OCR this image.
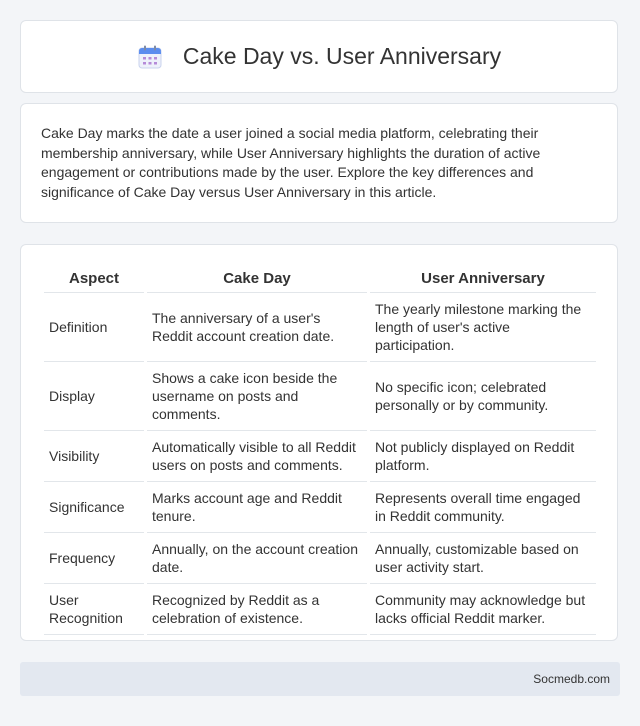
Cake Day vs. User Anniversary

Cake Day marks the date a user joined a social media platform, celebrating their membership anniversary, while User Anniversary highlights the duration of active engagement or contributions made by the user. Explore the key differences and significance of Cake Day versus User Anniversary in this article.

Aspect	Cake Day	User Anniversary
Definition	The anniversary of a user's Reddit account creation date.	The yearly milestone marking the length of user's active participation.
Display	Shows a cake icon beside the username on posts and comments.	No specific icon; celebrated personally or by community.
Visibility	Automatically visible to all Reddit users on posts and comments.	Not publicly displayed on Reddit platform.
Significance	Marks account age and Reddit tenure.	Represents overall time engaged in Reddit community.
Frequency	Annually, on the account creation date.	Annually, customizable based on user activity start.
User Recognition	Recognized by Reddit as a celebration of existence.	Community may acknowledge but lacks official Reddit marker.
Socmedb.com
